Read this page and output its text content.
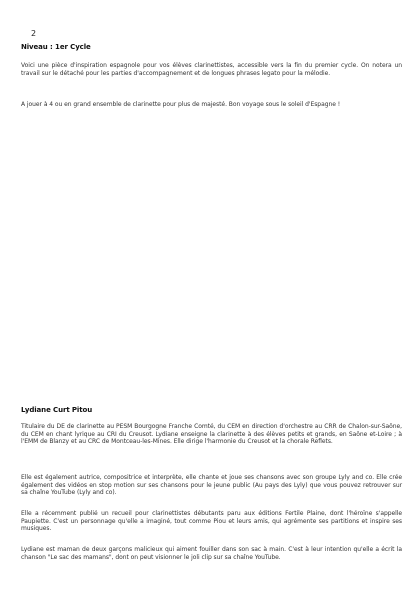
2
Niveau : 1er Cycle
Voici une pièce d'inspiration espagnole pour vos élèves clarinettistes, accessible vers la fin du premier cycle. On notera un travail sur le détaché pour les parties d'accompagnement et de longues phrases legato pour la mélodie.
A jouer à 4 ou en grand ensemble de clarinette pour plus de majesté. Bon voyage sous le soleil d'Espagne !
Lydiane Curt Pitou
Titulaire du DE de clarinette au PESM Bourgogne Franche Comté, du CEM en direction d'orchestre au CRR de Chalon-sur-Saône, du CEM en chant lyrique au CRI du Creusot. Lydiane enseigne la clarinette à des élèves petits et grands, en Saône et-Loire ; à l'EMM de Blanzy et au CRC de Montceau-les-Mines. Elle dirige l'harmonie du Creusot et la chorale Reflets.
Elle est également autrice, compositrice et interprète, elle chante et joue ses chansons avec son groupe Lyly and co. Elle crée également des vidéos en stop motion sur ses chansons pour le jeune public (Au pays des Lyly) que vous pouvez retrouver sur sa chaîne YouTube (Lyly and co).
Elle a récemment publié un recueil pour clarinettistes débutants paru aux éditions Fertile Plaine, dont l'héroïne s'appelle Paupiette. C'est un personnage qu'elle a imaginé, tout comme Piou et leurs amis, qui agrémente ses partitions et inspire ses musiques.
Lydiane est maman de deux garçons malicieux qui aiment fouiller dans son sac à main. C'est à leur intention qu'elle a écrit la chanson "Le sac des mamans", dont on peut visionner le joli clip sur sa chaîne YouTube.
